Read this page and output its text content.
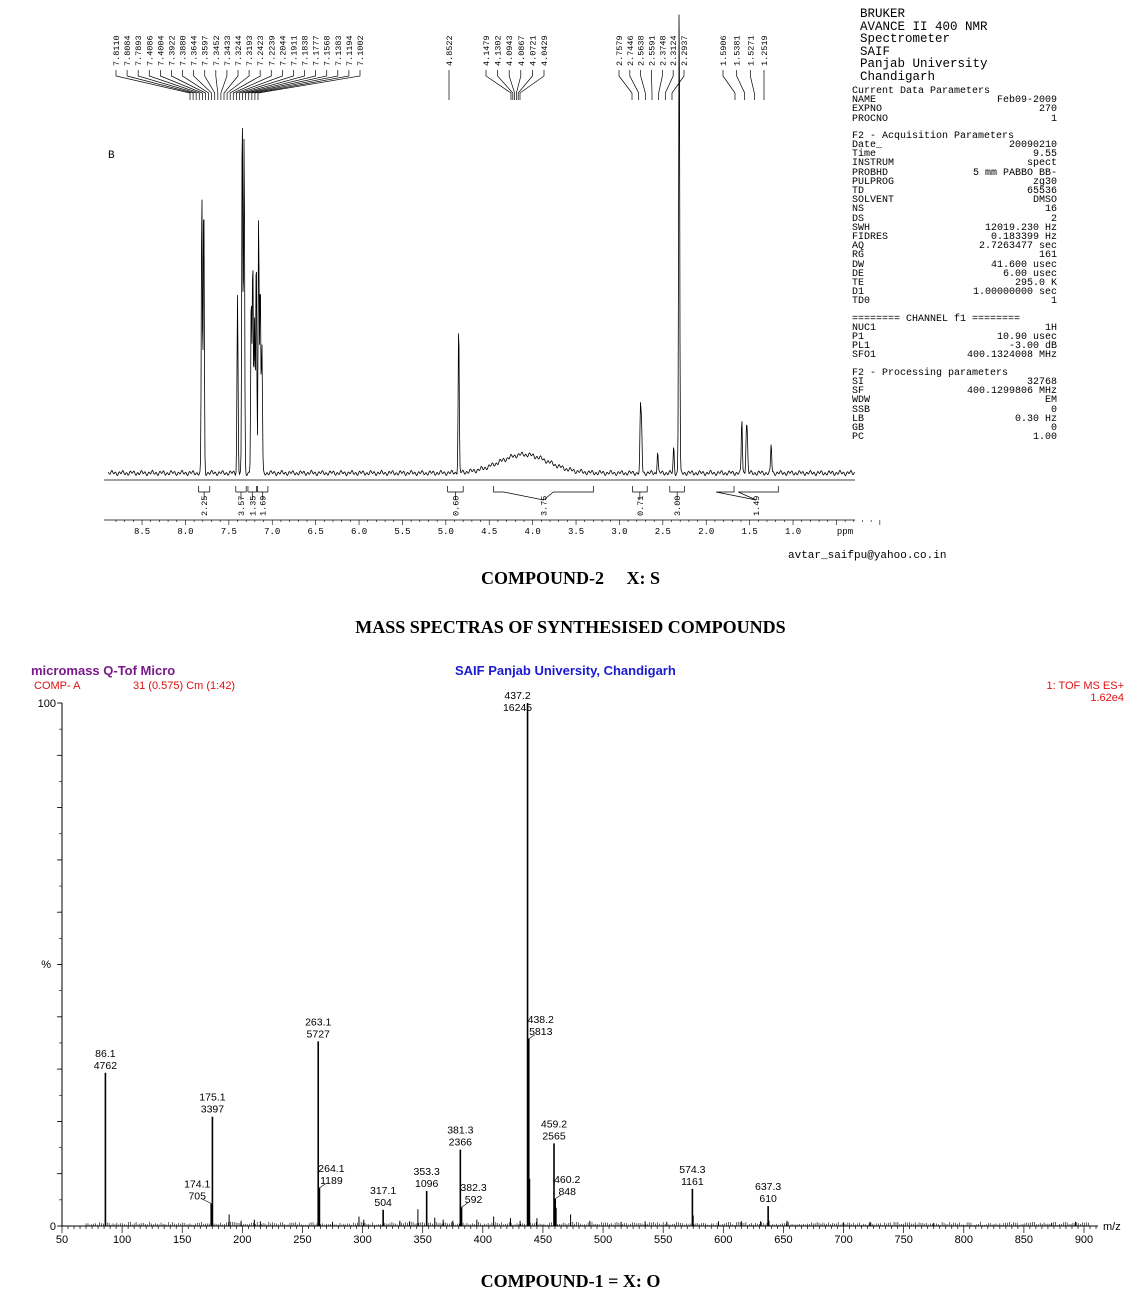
B
7.8110 7.8084 7.7893 7.4086 7.4004 7.3922 7.3880 7.3644 7.3597 7.3452 7.3433 7.3244 7.3193 7.2423 7.2239 7.2044 7.1911 7.1838 7.1777 7.1568 7.1383 7.1194 7.1002	4.8522	4.1479 4.1302 4.0943 4.0867 4.0721 4.0429	2.7579 2.7446 2.5638 2.5591 2.3748 2.3124 2.2937	1.5906 1.5381 1.5271 1.2519
2.25	3.57 1.35 1.69	0.60	3.75	0.71	3.00	1.49
8.5	8.0	7.5	7.0	6.5	6.0	5.5	5.0	4.5	4.0	3.5	3.0	2.5	2.0	1.5	1.0	ppm
micromass Q-Tof Micro	SAIF Panjab University, Chandigarh
COMP- A	31 (0.575) Cm (1:42)	1: TOF MS ES+
1.62e4
0
100
%
50	100	150	200	250	300	350	400	450	500	550	600	650	700	750	800	850	900
m/z
86.1
4762
174.1
705
175.1
3397
263.1
5727
264.1
1189
317.1
504
353.3
1096
381.3
2366
382.3
592
437.2
16245
438.2
5813
459.2
2565
460.2
848
574.3
1161	637.3
610
BRUKER
AVANCE II 400 NMR
Spectrometer
SAIF
Panjab University
Chandigarh
Current Data Parameters
NAME	Feb09-2009
EXPNO	270
PROCNO	1
F2 - Acquisition Parameters
Date_	20090210
Time	9.55
INSTRUM	spect
PROBHD	5 mm PABBO BB-
PULPROG	zg30
TD	65536
SOLVENT	DMSO
NS	16
DS	2
SWH	12019.230 Hz
FIDRES	0.183399 Hz
AQ	2.7263477 sec
RG	161
DW	41.600 usec
DE	6.00 usec
TE	295.0 K
D1	1.00000000 sec
TD0	1
======== CHANNEL f1 ========
NUC1	1H
P1	10.90 usec
PL1	-3.00 dB
SFO1	400.1324008 MHz
F2 - Processing parameters
SI	32768
SF	400.1299806 MHz
WDW	EM
SSB	0
LB	0.30 Hz
GB	0
PC	1.00
avtar_saifpu@yahoo.co.in
COMPOUND-2     X: S
MASS SPECTRAS OF SYNTHESISED COMPOUNDS
COMPOUND-1 = X: O
